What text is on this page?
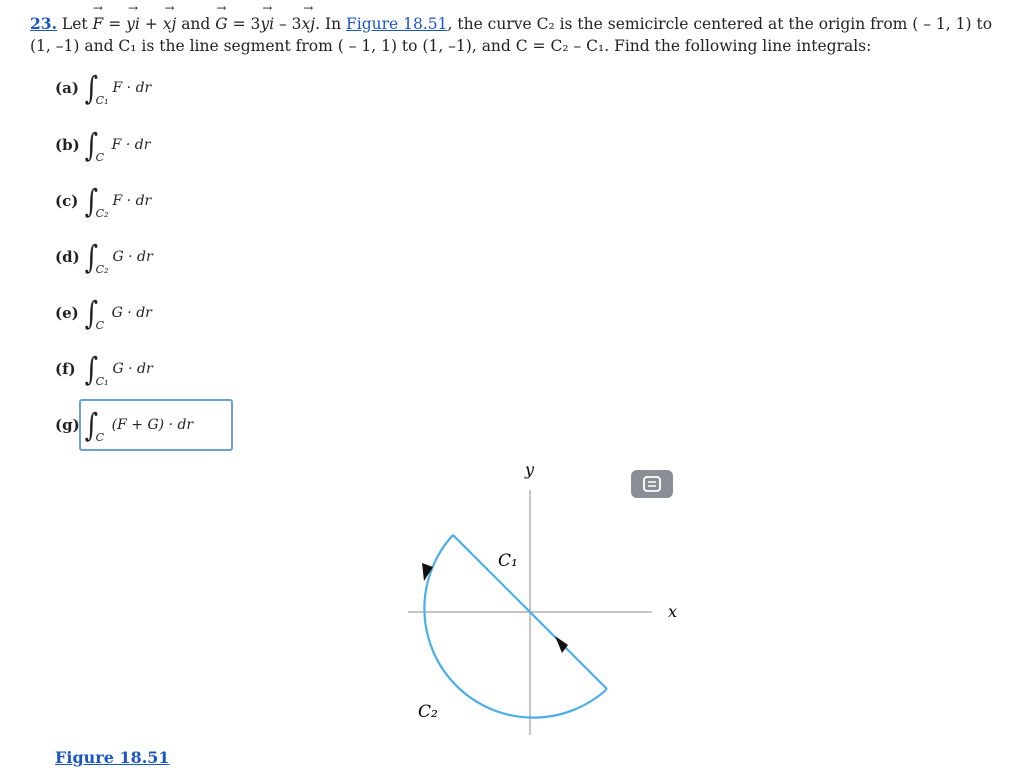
23. Let → F = → yi + → xj and → G = 3→ yi – 3→ xj. In Figure 18.51, the curve C₂ is the semicircle centered at the origin from ( – 1, 1) to
(1, –1) and C₁ is the line segment from ( – 1, 1) to (1, –1), and C = C₂ – C₁. Find the following line integrals:
(a) ∫
C₁
F · dr
(b) ∫
C
F · dr
(c) ∫
C₂
F · dr
(d) ∫
C₂
G · dr
(e) ∫
C
G · dr
(f) ∫
C₁
G · dr
(g) ∫
C
(F + G) · dr
x
y
C₁
C₂
Figure 18.51
